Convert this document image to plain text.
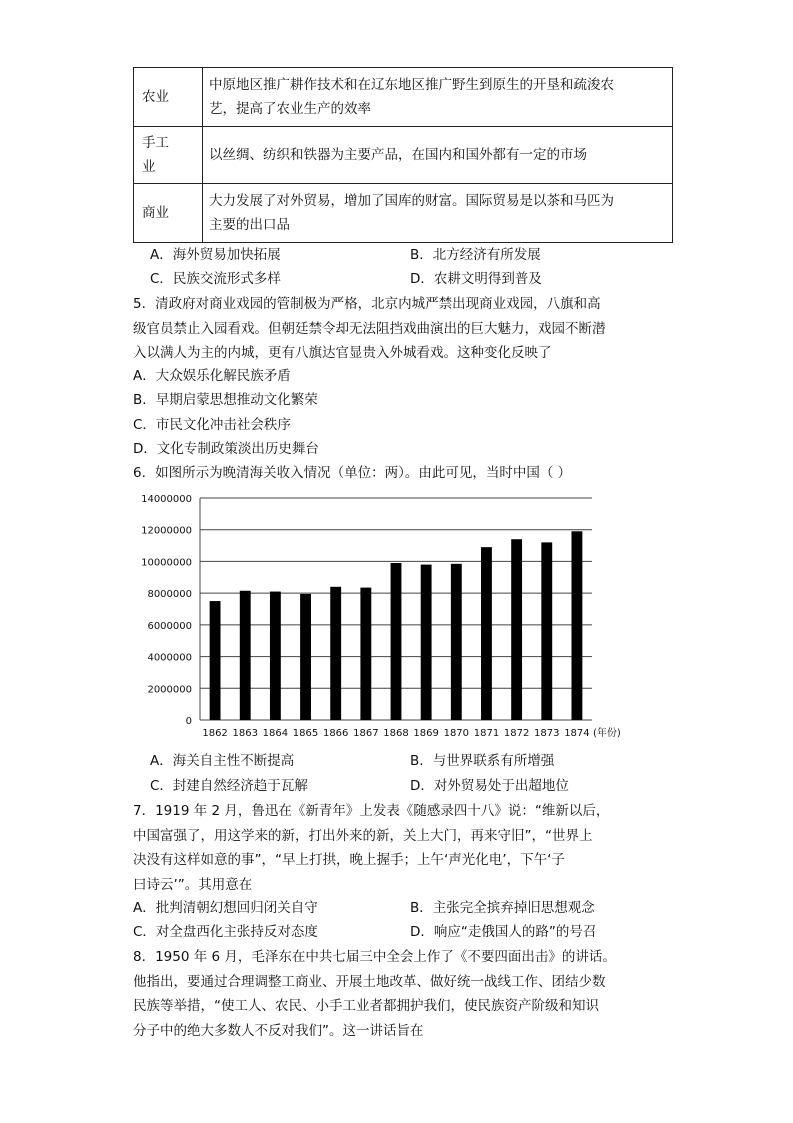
农业	中原地区推广耕作技术和在辽东地区推广野生到原生的开垦和疏浚农
艺，提高了农业生产的效率

手工
业	以丝绸、纺织和铁器为主要产品，在国内和国外都有一定的市场

商业	大力发展了对外贸易，增加了国库的财富。国际贸易是以茶和马匹为
主要的出口品
A．海外贸易加快拓展	B．北方经济有所发展
C．民族交流形式多样	D．农耕文明得到普及
5．清政府对商业戏园的管制极为严格，北京内城严禁出现商业戏园，八旗和高
级官员禁止入园看戏。但朝廷禁令却无法阻挡戏曲演出的巨大魅力，戏园不断潜
入以满人为主的内城，更有八旗达官显贵入外城看戏。这种变化反映了
A．大众娱乐化解民族矛盾
B．早期启蒙思想推动文化繁荣
C．市民文化冲击社会秩序
D．文化专制政策淡出历史舞台
6．如图所示为晚清海关收入情况（单位：两）。由此可见，当时中国（ ）
0
2000000
4000000
6000000
8000000
10000000
12000000
14000000
1862 1863 1864 1865 1866 1867 1868 1869 1870 1871 1872 1873 1874 (年份)
A．海关自主性不断提高	B．与世界联系有所增强
C．封建自然经济趋于瓦解	D．对外贸易处于出超地位
7．1919 年 2 月，鲁迅在《新青年》上发表《随感录四十八》说：“维新以后，
中国富强了，用这学来的新，打出外来的新，关上大门，再来守旧”，“世界上
决没有这样如意的事”，“早上打拱，晚上握手；上午‘声光化电’，下午‘子
曰诗云’”。其用意在
A．批判清朝幻想回归闭关自守	B．主张完全摈弃掉旧思想观念
C．对全盘西化主张持反对态度	D．响应“走俄国人的路”的号召
8．1950 年 6 月，毛泽东在中共七届三中全会上作了《不要四面出击》的讲话。
他指出，要通过合理调整工商业、开展土地改革、做好统一战线工作、团结少数
民族等举措，“使工人、农民、小手工业者都拥护我们，使民族资产阶级和知识
分子中的绝大多数人不反对我们”。这一讲话旨在
